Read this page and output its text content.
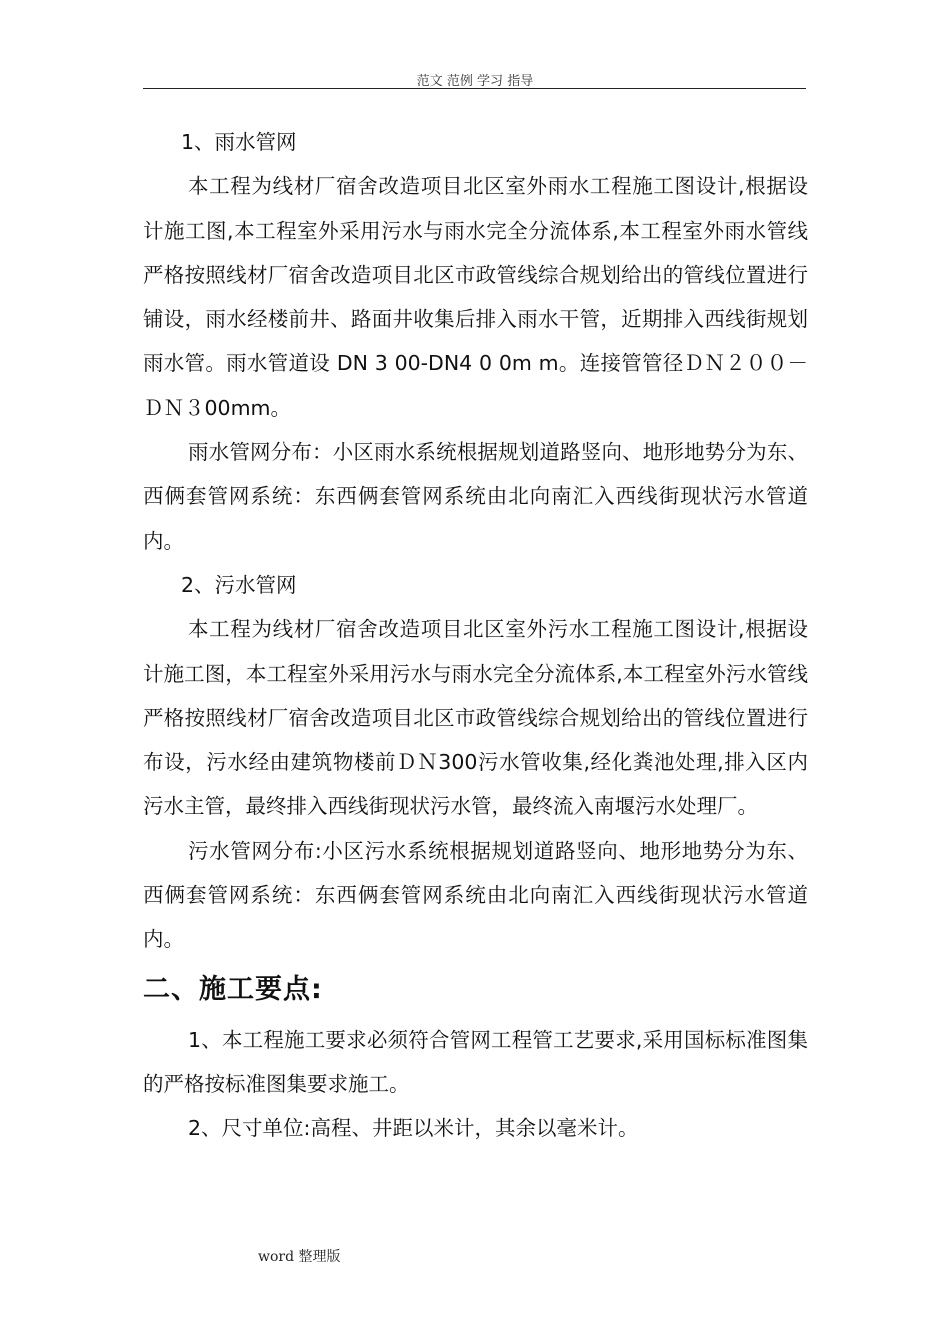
范文 范例 学习 指导

1、雨水管网

本工程为线材厂宿舍改造项目北区室外雨水工程施工图设计,根据设计施工图,本工程室外采用污水与雨水完全分流体系,本工程室外雨水管线严格按照线材厂宿舍改造项目北区市政管线综合规划给出的管线位置进行铺设，雨水经楼前井、路面井收集后排入雨水干管，近期排入西线街规划雨水管。雨水管道设 DN 3 00-DN4 0 0m m。连接管管径ＤＮ２００－ＤＮ３00mm。

雨水管网分布：小区雨水系统根据规划道路竖向、地形地势分为东、西俩套管网系统：东西俩套管网系统由北向南汇入西线街现状污水管道内。

2、污水管网

本工程为线材厂宿舍改造项目北区室外污水工程施工图设计,根据设计施工图，本工程室外采用污水与雨水完全分流体系,本工程室外污水管线严格按照线材厂宿舍改造项目北区市政管线综合规划给出的管线位置进行布设，污水经由建筑物楼前ＤＮ300污水管收集,经化粪池处理,排入区内污水主管，最终排入西线街现状污水管，最终流入南堰污水处理厂。

污水管网分布:小区污水系统根据规划道路竖向、地形地势分为东、西俩套管网系统：东西俩套管网系统由北向南汇入西线街现状污水管道内。

二、施工要点:

1、本工程施工要求必须符合管网工程管工艺要求,采用国标标准图集的严格按标准图集要求施工。

2、尺寸单位:高程、井距以米计，其余以毫米计。

word 整理版
